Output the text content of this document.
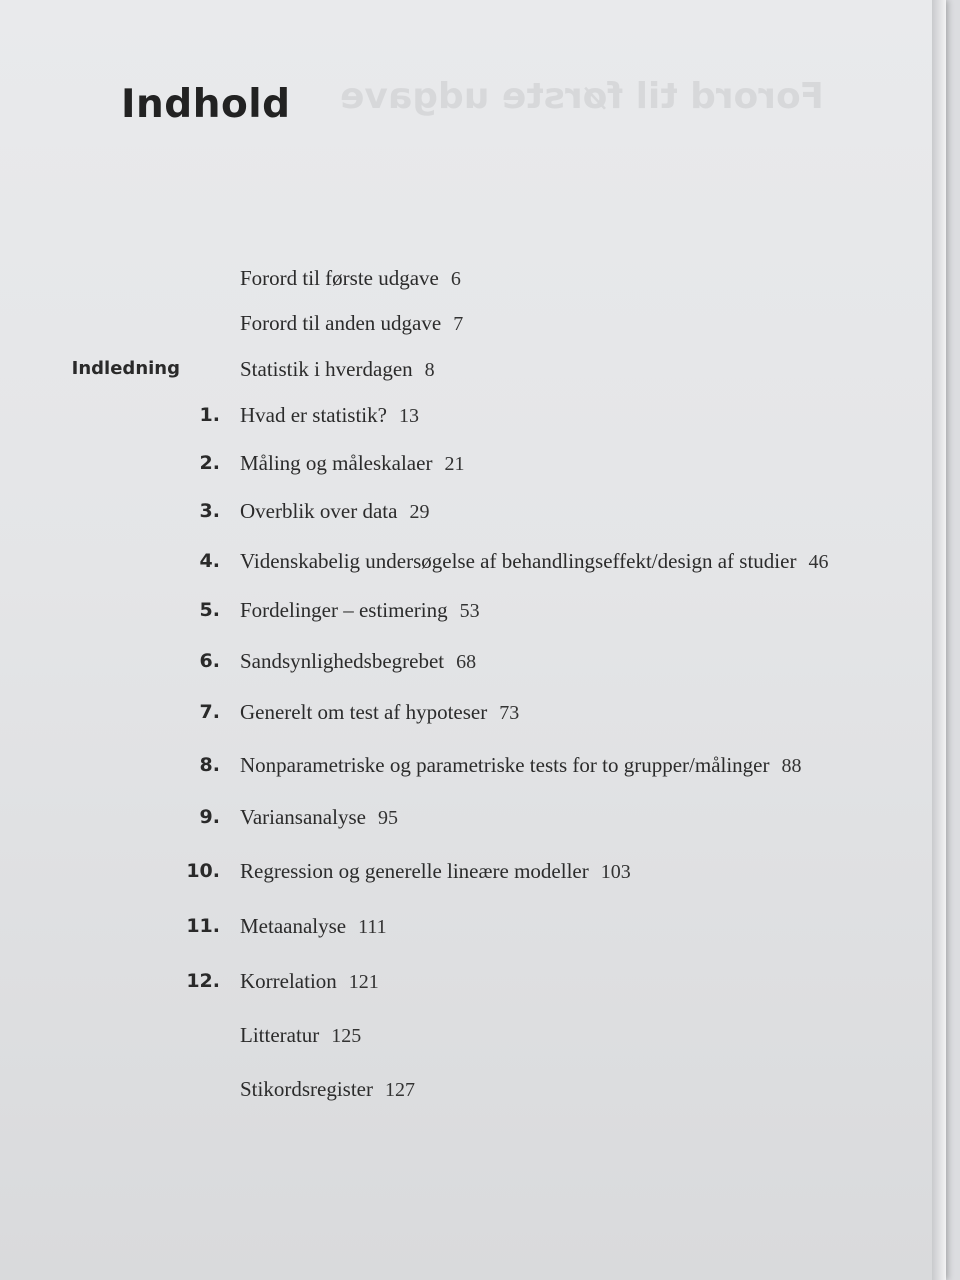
Forord til første udgave
Indhold
Forord til første udgave 6
Forord til anden udgave 7
Indledning	Statistik i hverdagen 8
1. Hvad er statistik? 13
2. Måling og måleskalaer 21
3. Overblik over data 29
4. Videnskabelig undersøgelse af behandlingseffekt/design af studier 46
5. Fordelinger – estimering 53
6. Sandsynlighedsbegrebet 68
7. Generelt om test af hypoteser 73
8. Nonparametriske og parametriske tests for to grupper/målinger 88
9. Variansanalyse 95
10. Regression og generelle lineære modeller 103
11. Metaanalyse 111
12. Korrelation 121
Litteratur 125
Stikordsregister 127
